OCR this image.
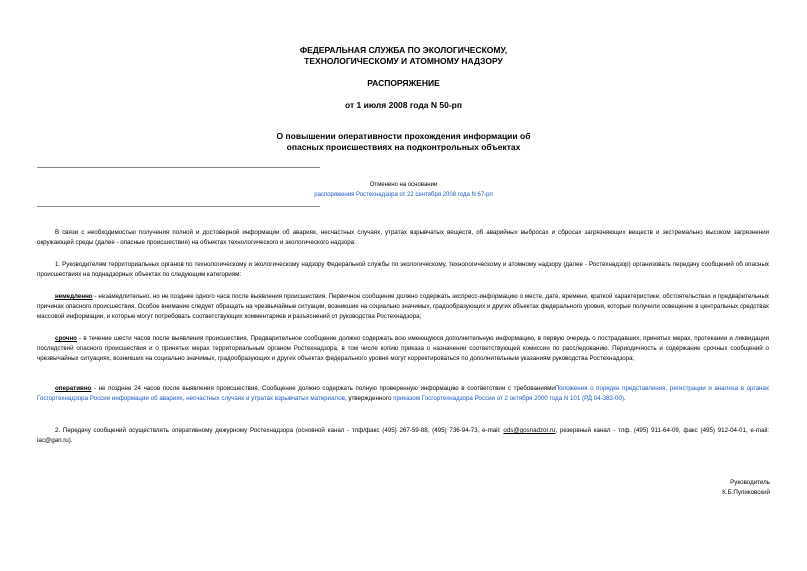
ФЕДЕРАЛЬНАЯ СЛУЖБА ПО ЭКОЛОГИЧЕСКОМУ,
ТЕХНОЛОГИЧЕСКОМУ И АТОМНОМУ НАДЗОРУ
РАСПОРЯЖЕНИЕ
от 1 июля 2008 года N 50-рп
О повышении оперативности прохождения информации об
опасных происшествиях на подконтрольных объектах
Отменено на основании
распоряжения Ростехнадзора от 22 сентября 2008 года N 67-рп

В связи с необходимостью получения полной и достоверной информации об авариях, несчастных случаях, утратах взрывчатых веществ, об аварийных выбросах и сбросах загрязняющих веществ и экстремально высоком загрязнении окружающей среды (далее - опасные происшествия) на объектах технологического и экологического надзора:

1. Руководителям территориальных органов по технологическому и экологическому надзору Федеральной службы по экологическому, технологическому и атомному надзору (далее - Ростехнадзор) организовать передачу сообщений об опасных происшествиях на поднадзорных объектах по следующим категориям:

немедленно - незамедлительно, но не позднее одного часа после выявления происшествия. Первичное сообщение должно содержать экспресс-информацию о месте, дате, времени, краткой характеристике, обстоятельствах и предварительных причинах опасного происшествия. Особое внимание следует обращать на чрезвычайные ситуации, возникшие на социально значимых, градообразующих и других объектах федерального уровня, которые получили освещение в центральных средствах массовой информации, и которые могут потребовать соответствующих комментариев и разъяснений от руководства Ростехнадзора;

срочно - в течение шести часов после выявления происшествия. Предварительное сообщение должно содержать всю имеющуюся дополнительную информацию, в первую очередь о пострадавших, принятых мерах, протекании и ликвидации последствий опасного происшествия и о принятых мерах территориальным органом Ростехнадзора, в том числе копию приказа о назначении соответствующей комиссии по расследованию. Периодичность и содержание срочных сообщений о чрезвычайных ситуациях, возникших на социально значимых, градообразующих и других объектах федерального уровня могут корректироваться по дополнительным указаниям руководства Ростехнадзора;

оперативно - не позднее 24 часов после выявления происшествия. Сообщение должно содержать полную проверенную информацию в соответствии с требованиямиПоложения о порядке представления, регистрации и анализа в органах Госгортехнадзора России информации об авариях, несчастных случаях и утратах взрывчатых материалов, утвержденного приказом Госгортехнадзора России от 2 октября 2000 года N 101 (РД 04-383-00).

2. Передачу сообщений осуществлять оперативному дежурному Ростехнадзора (основной канал - тлф/факс (495) 267-59-88, (495) 736-94-73, e-mail: ods@gosnadzor.ru, резервный канал - тлф. (495) 911-64-09, факс (495) 912-04-01, e-mail: iac@gan.ru).

Руководитель
К.Б.Пуликовский
